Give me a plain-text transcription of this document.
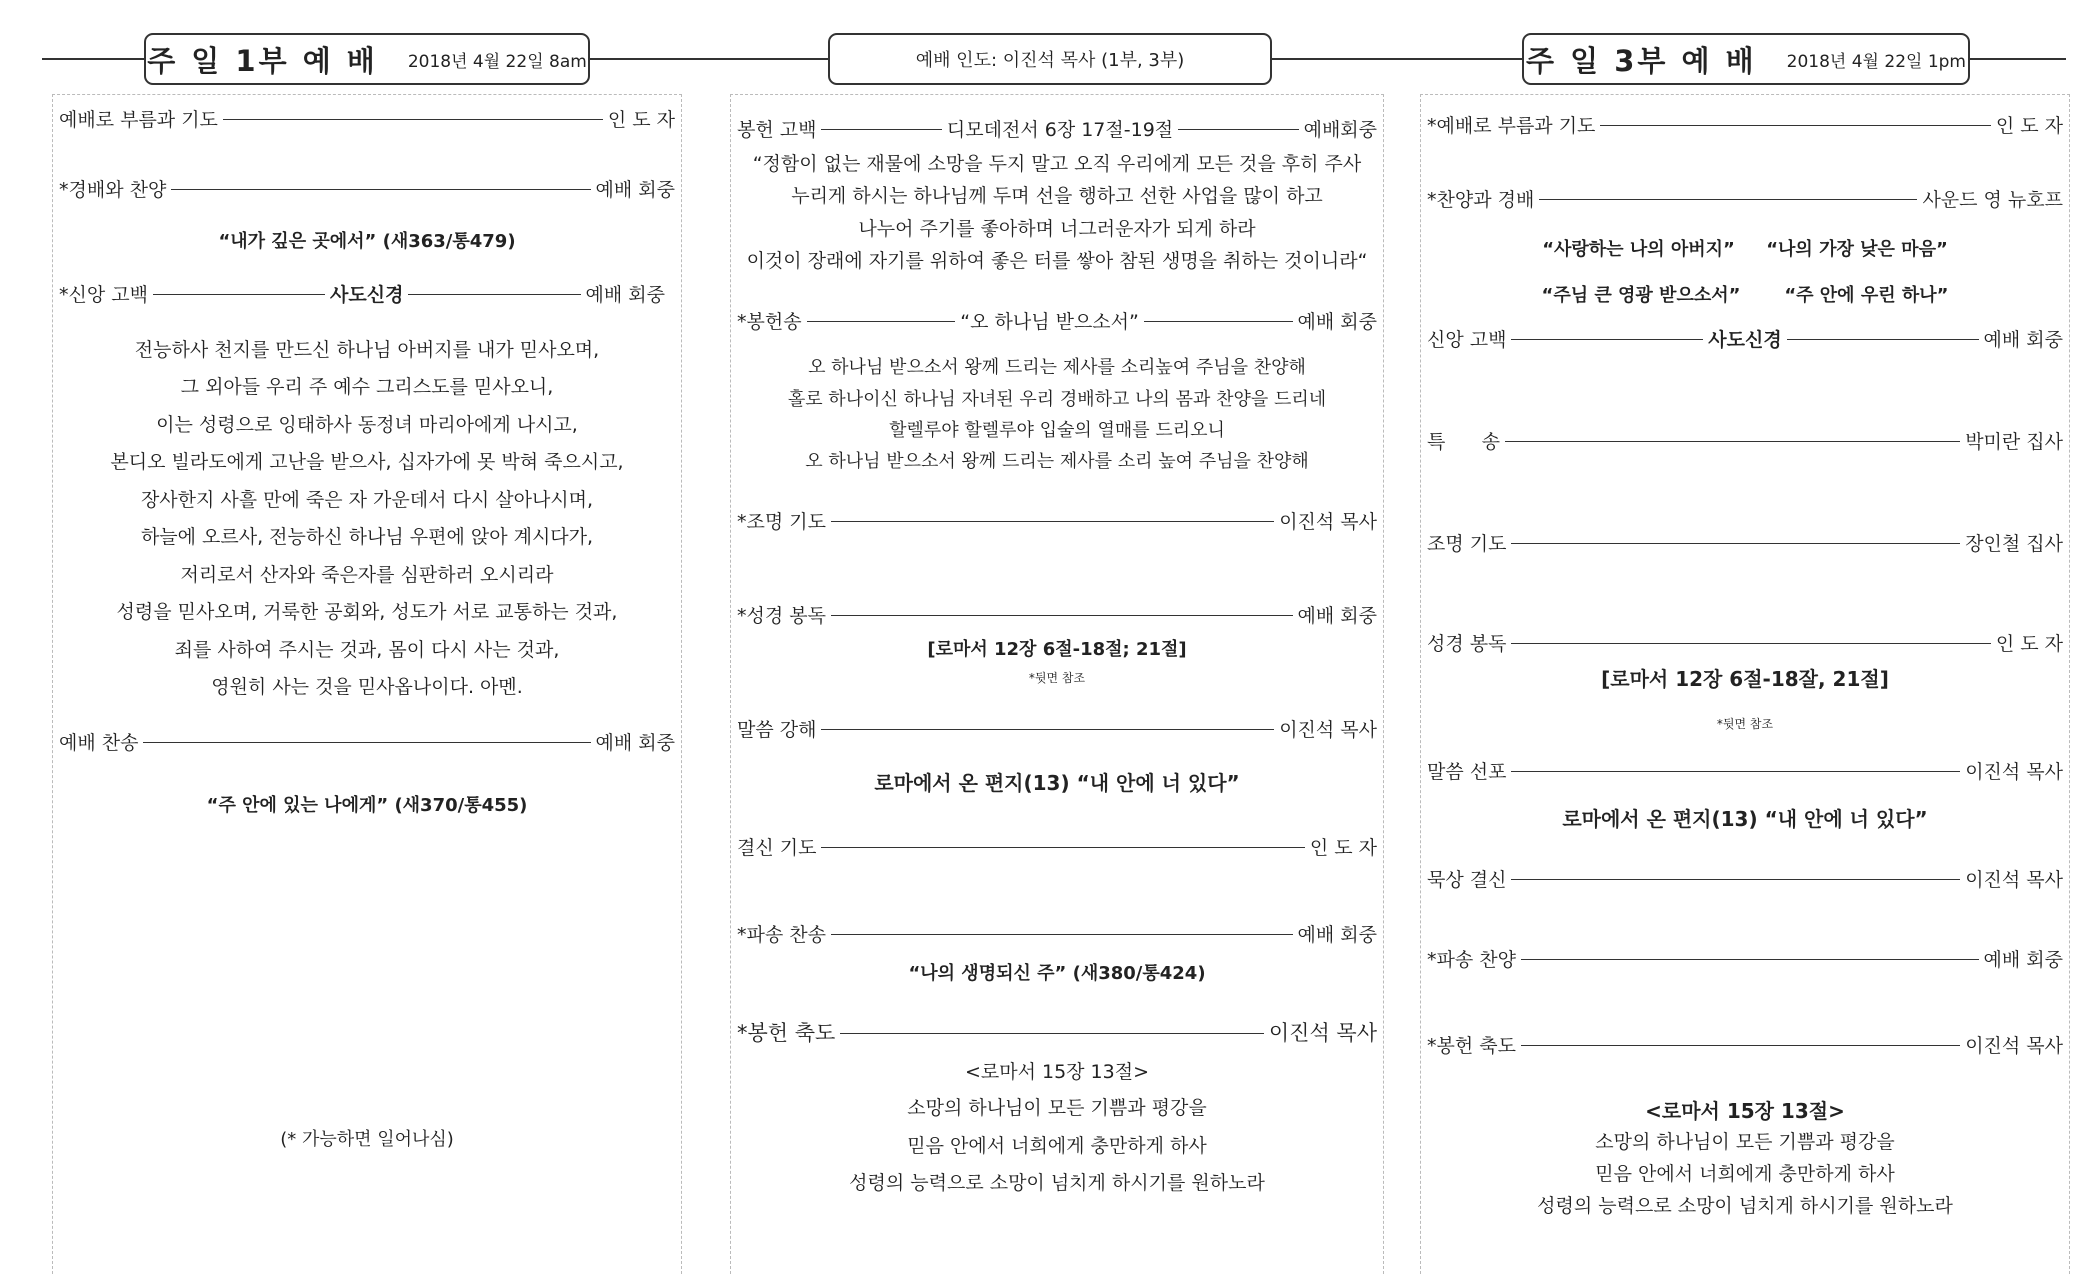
주 일 1부 예 배 2018년 4월 22일 8am	예배 인도: 이진석 목사 (1부, 3부)	주 일 3부 예 배 2018년 4월 22일 1pm
예배로 부름과 기도	인 도 자
*경배와 찬양	예배 회중
“내가 깊은 곳에서” (새363/통479)
*신앙 고백	사도신경	예배 회중
전능하사 천지를 만드신 하나님 아버지를 내가 믿사오며,
그 외아들 우리 주 예수 그리스도를 믿사오니,
이는 성령으로 잉태하사 동정녀 마리아에게 나시고,
본디오 빌라도에게 고난을 받으사, 십자가에 못 박혀 죽으시고,
장사한지 사흘 만에 죽은 자 가운데서 다시 살아나시며,
하늘에 오르사, 전능하신 하나님 우편에 앉아 계시다가,
저리로서 산자와 죽은자를 심판하러 오시리라
성령을 믿사오며, 거룩한 공회와, 성도가 서로 교통하는 것과,
죄를 사하여 주시는 것과, 몸이 다시 사는 것과,
영원히 사는 것을 믿사옵나이다. 아멘.
예배 찬송	예배 회중
“주 안에 있는 나에게” (새370/통455)
(* 가능하면 일어나심)
봉헌 고백	디모데전서 6장 17절-19절	예배회중
“정함이 없는 재물에 소망을 두지 말고 오직 우리에게 모든 것을 후히 주사
누리게 하시는 하나님께 두며 선을 행하고 선한 사업을 많이 하고
나누어 주기를 좋아하며 너그러운자가 되게 하라
이것이 장래에 자기를 위하여 좋은 터를 쌓아 참된 생명을 취하는 것이니라“
*봉헌송	“오 하나님 받으소서”	예배 회중
오 하나님 받으소서 왕께 드리는 제사를 소리높여 주님을 찬양해
홀로 하나이신 하나님 자녀된 우리 경배하고 나의 몸과 찬양을 드리네
할렐루야 할렐루야 입술의 열매를 드리오니
오 하나님 받으소서 왕께 드리는 제사를 소리 높여 주님을 찬양해
*조명 기도	이진석 목사
*성경 봉독	예배 회중
[로마서 12장 6절-18절; 21절]
*뒷면 참조
말씀 강해	이진석 목사
로마에서 온 편지(13) “내 안에 너 있다”
결신 기도	인 도 자
*파송 찬송	예배 회중
“나의 생명되신 주” (새380/통424)
*봉헌 축도	이진석 목사
<로마서 15장 13절>
소망의 하나님이 모든 기쁨과 평강을
믿음 안에서 너희에게 충만하게 하사
성령의 능력으로 소망이 넘치게 하시기를 원하노라
*예배로 부름과 기도	인 도 자
*찬양과 경배	사운드 영 뉴호프
“사랑하는 나의 아버지” “나의 가장 낮은 마음”
“주님 큰 영광 받으소서” “주 안에 우린 하나”
신앙 고백	사도신경	예배 회중
특      송	박미란 집사
조명 기도	장인철 집사
성경 봉독	인 도 자
[로마서 12장 6절-18잘, 21절]
*뒷면 참조
말씀 선포	이진석 목사
로마에서 온 편지(13) “내 안에 너 있다”
묵상 결신	이진석 목사
*파송 찬양	예배 회중
*봉헌 축도	이진석 목사
<로마서 15장 13절>
소망의 하나님이 모든 기쁨과 평강을
믿음 안에서 너희에게 충만하게 하사
성령의 능력으로 소망이 넘치게 하시기를 원하노라
